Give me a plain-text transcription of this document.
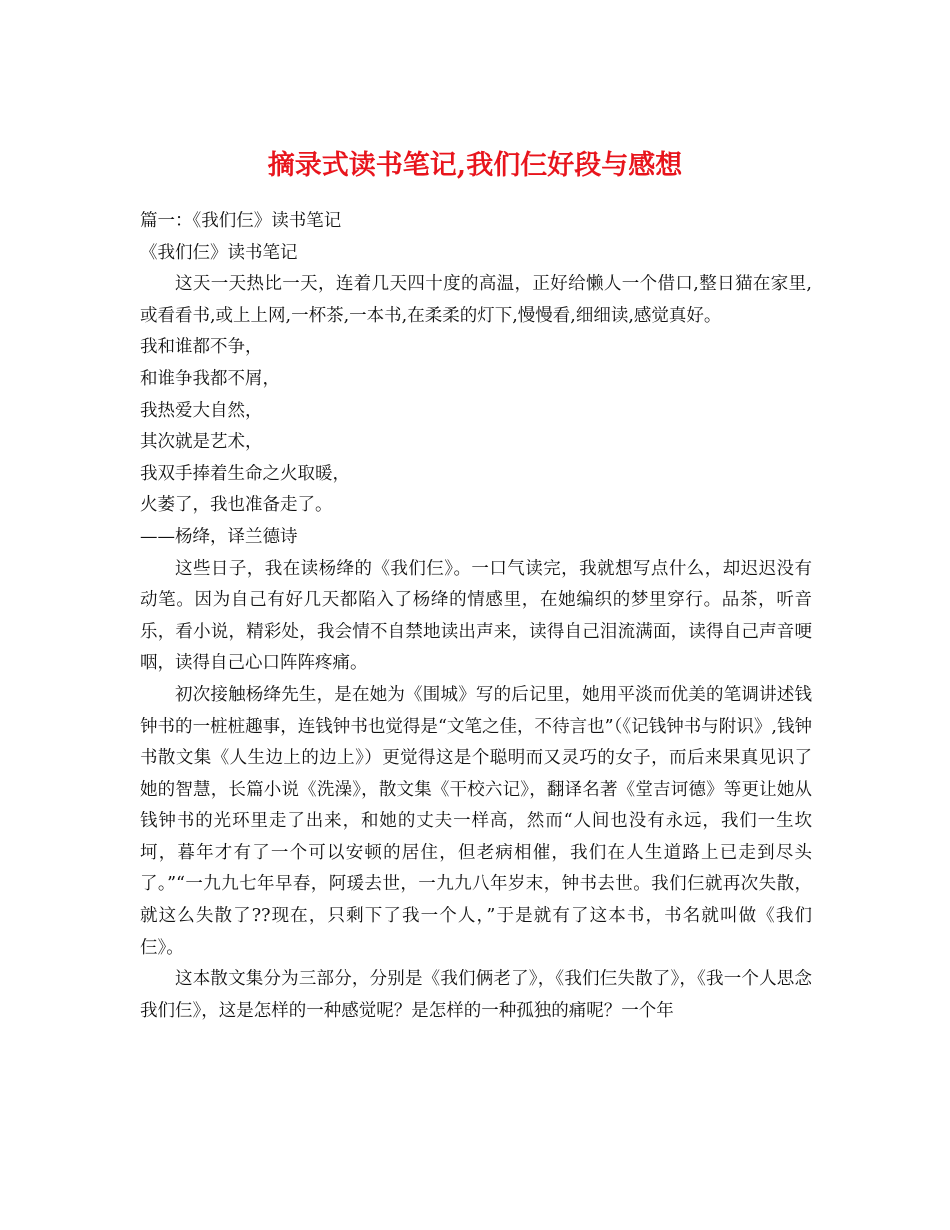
摘录式读书笔记,我们仨好段与感想

篇一：《我们仨》读书笔记

《我们仨》读书笔记

这天一天热比一天，连着几天四十度的高温，正好给懒人一个借口,整日猫在家里,或看看书,或上上网,一杯茶,一本书,在柔柔的灯下,慢慢看,细细读,感觉真好。

我和谁都不争，

和谁争我都不屑，

我热爱大自然，

其次就是艺术，

我双手捧着生命之火取暖，

火萎了，我也准备走了。

——杨绛，译兰德诗

这些日子，我在读杨绛的《我们仨》。一口气读完，我就想写点什么，却迟迟没有动笔。因为自己有好几天都陷入了杨绛的情感里，在她编织的梦里穿行。品茶，听音乐，看小说，精彩处，我会情不自禁地读出声来，读得自己泪流满面，读得自己声音哽咽，读得自己心口阵阵疼痛。

初次接触杨绛先生，是在她为《围城》写的后记里，她用平淡而优美的笔调讲述钱钟书的一桩桩趣事，连钱钟书也觉得是“文笔之佳，不待言也”（《记钱钟书与附识》,钱钟书散文集《人生边上的边上》）更觉得这是个聪明而又灵巧的女子，而后来果真见识了她的智慧，长篇小说《洗澡》，散文集《干校六记》，翻译名著《堂吉诃德》等更让她从钱钟书的光环里走了出来，和她的丈夫一样高，然而“人间也没有永远，我们一生坎坷，暮年才有了一个可以安顿的居住，但老病相催，我们在人生道路上已走到尽头了。”“一九九七年早春，阿瑗去世，一九九八年岁末，钟书去世。我们仨就再次失散，就这么失散了??现在，只剩下了我一个人，”于是就有了这本书，书名就叫做《我们仨》。

这本散文集分为三部分，分别是《我们俩老了》，《我们仨失散了》，《我一个人思念我们仨》，这是怎样的一种感觉呢？是怎样的一种孤独的痛呢？一个年
